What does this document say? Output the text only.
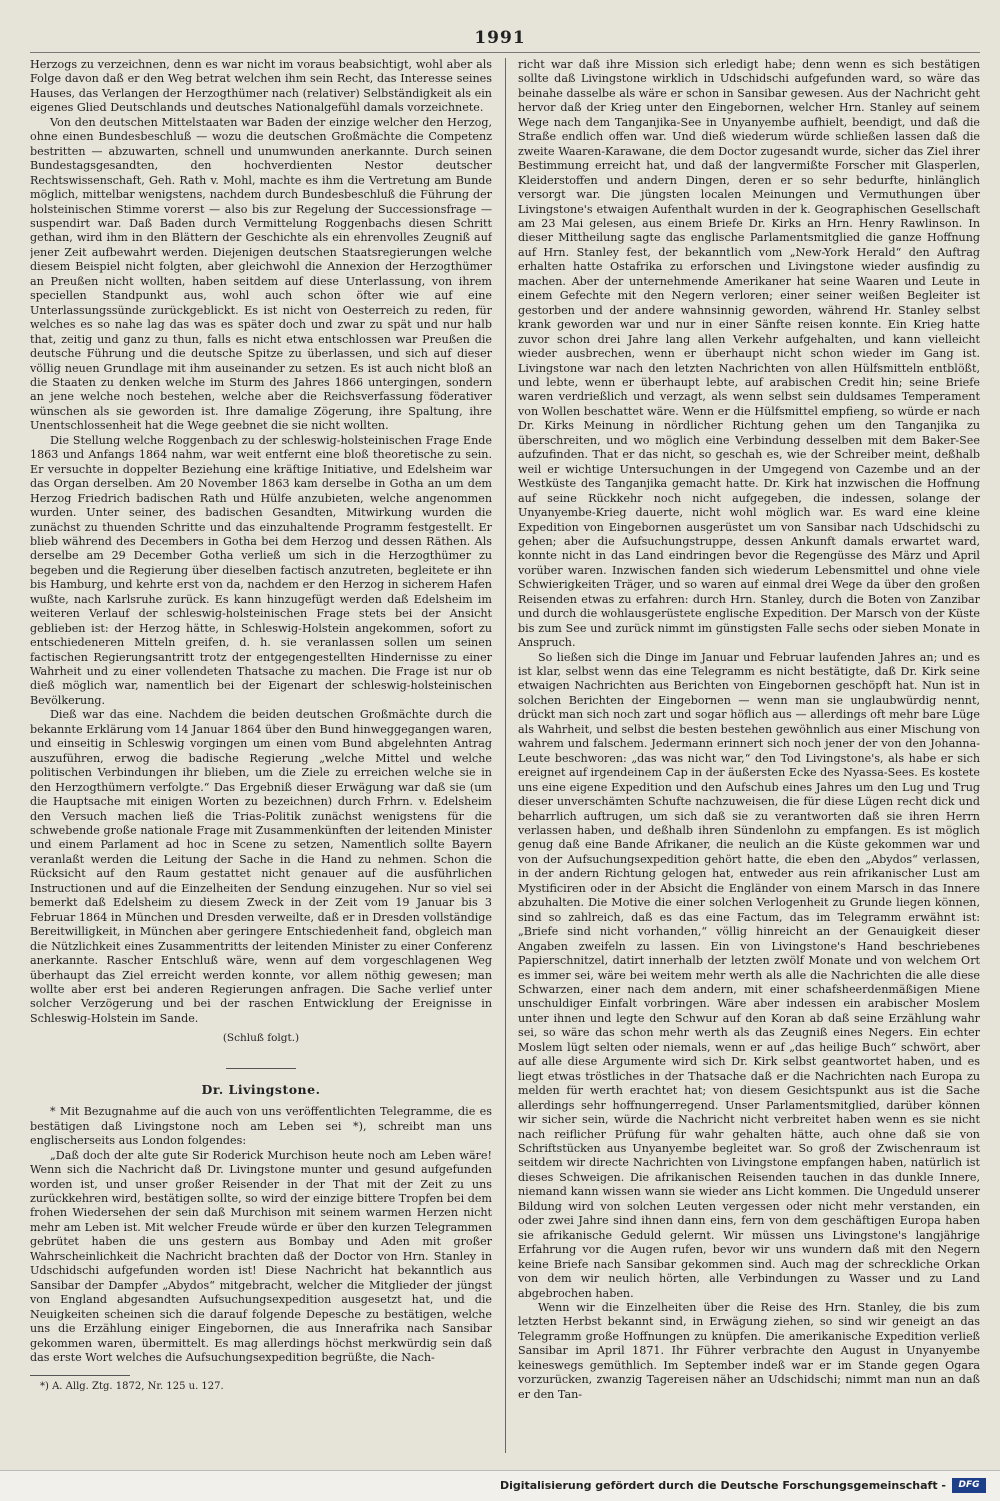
1991

Herzogs zu verzeichnen, denn es war nicht im voraus beabsichtigt, wohl aber als Folge davon daß er den Weg betrat welchen ihm sein Recht, das Interesse seines Hauses, das Verlangen der Herzogthümer nach (relativer) Selbständigkeit als ein eigenes Glied Deutschlands und deutsches Nationalgefühl damals vorzeichnete.

Von den deutschen Mittelstaaten war Baden der einzige welcher den Herzog, ohne einen Bundesbeschluß — wozu die deutschen Großmächte die Competenz bestritten — abzuwarten, schnell und unumwunden anerkannte. Durch seinen Bundestagsgesandten, den hochverdienten Nestor deutscher Rechtswissenschaft, Geh. Rath v. Mohl, machte es ihm die Vertretung am Bunde möglich, mittelbar wenigstens, nachdem durch Bundesbeschluß die Führung der holsteinischen Stimme vorerst — also bis zur Regelung der Successionsfrage — suspendirt war. Daß Baden durch Vermittelung Roggenbachs diesen Schritt gethan, wird ihm in den Blättern der Geschichte als ein ehrenvolles Zeugniß auf jener Zeit aufbewahrt werden. Diejenigen deutschen Staatsregierungen welche diesem Beispiel nicht folgten, aber gleichwohl die Annexion der Herzogthümer an Preußen nicht wollten, haben seitdem auf diese Unterlassung, von ihrem speciellen Standpunkt aus, wohl auch schon öfter wie auf eine Unterlassungssünde zurückgeblickt. Es ist nicht von Oesterreich zu reden, für welches es so nahe lag das was es später doch und zwar zu spät und nur halb that, zeitig und ganz zu thun, falls es nicht etwa entschlossen war Preußen die deutsche Führung und die deutsche Spitze zu überlassen, und sich auf dieser völlig neuen Grundlage mit ihm auseinander zu setzen. Es ist auch nicht bloß an die Staaten zu denken welche im Sturm des Jahres 1866 untergingen, sondern an jene welche noch bestehen, welche aber die Reichsverfassung föderativer wünschen als sie geworden ist. Ihre damalige Zögerung, ihre Spaltung, ihre Unentschlossenheit hat die Wege geebnet die sie nicht wollten.

Die Stellung welche Roggenbach zu der schleswig-holsteinischen Frage Ende 1863 und Anfangs 1864 nahm, war weit entfernt eine bloß theoretische zu sein. Er versuchte in doppelter Beziehung eine kräftige Initiative, und Edelsheim war das Organ derselben. Am 20 November 1863 kam derselbe in Gotha an um dem Herzog Friedrich badischen Rath und Hülfe anzubieten, welche angenommen wurden. Unter seiner, des badischen Gesandten, Mitwirkung wurden die zunächst zu thuenden Schritte und das einzuhaltende Programm festgestellt. Er blieb während des Decembers in Gotha bei dem Herzog und dessen Räthen. Als derselbe am 29 December Gotha verließ um sich in die Herzogthümer zu begeben und die Regierung über dieselben factisch anzutreten, begleitete er ihn bis Hamburg, und kehrte erst von da, nachdem er den Herzog in sicherem Hafen wußte, nach Karlsruhe zurück. Es kann hinzugefügt werden daß Edelsheim im weiteren Verlauf der schleswig-holsteinischen Frage stets bei der Ansicht geblieben ist: der Herzog hätte, in Schleswig-Holstein angekommen, sofort zu entschiedeneren Mitteln greifen, d. h. sie veranlassen sollen um seinen factischen Regierungsantritt trotz der entgegengestellten Hindernisse zu einer Wahrheit und zu einer vollendeten Thatsache zu machen. Die Frage ist nur ob dieß möglich war, namentlich bei der Eigenart der schleswig-holsteinischen Bevölkerung.

Dieß war das eine. Nachdem die beiden deutschen Großmächte durch die bekannte Erklärung vom 14 Januar 1864 über den Bund hinweggegangen waren, und einseitig in Schleswig vorgingen um einen vom Bund abgelehnten Antrag auszuführen, erwog die badische Regierung „welche Mittel und welche politischen Verbindungen ihr blieben, um die Ziele zu erreichen welche sie in den Herzogthümern verfolgte.“ Das Ergebniß dieser Erwägung war daß sie (um die Hauptsache mit einigen Worten zu bezeichnen) durch Frhrn. v. Edelsheim den Versuch machen ließ die Trias-Politik zunächst wenigstens für die schwebende große nationale Frage mit Zusammenkünften der leitenden Minister und einem Parlament ad hoc in Scene zu setzen, Namentlich sollte Bayern veranlaßt werden die Leitung der Sache in die Hand zu nehmen. Schon die Rücksicht auf den Raum gestattet nicht genauer auf die ausführlichen Instructionen und auf die Einzelheiten der Sendung einzugehen. Nur so viel sei bemerkt daß Edelsheim zu diesem Zweck in der Zeit vom 19 Januar bis 3 Februar 1864 in München und Dresden verweilte, daß er in Dresden vollständige Bereitwilligkeit, in München aber geringere Entschiedenheit fand, obgleich man die Nützlichkeit eines Zusammentritts der leitenden Minister zu einer Conferenz anerkannte. Rascher Entschluß wäre, wenn auf dem vorgeschlagenen Weg überhaupt das Ziel erreicht werden konnte, vor allem nöthig gewesen; man wollte aber erst bei anderen Regierungen anfragen. Die Sache verlief unter solcher Verzögerung und bei der raschen Entwicklung der Ereignisse in Schleswig-Holstein im Sande.

(Schluß folgt.)

Dr. Livingstone.

* Mit Bezugnahme auf die auch von uns veröffentlichten Telegramme, die es bestätigen daß Livingstone noch am Leben sei *), schreibt man uns englischerseits aus London folgendes:

„Daß doch der alte gute Sir Roderick Murchison heute noch am Leben wäre! Wenn sich die Nachricht daß Dr. Livingstone munter und gesund aufgefunden worden ist, und unser großer Reisender in der That mit der Zeit zu uns zurückkehren wird, bestätigen sollte, so wird der einzige bittere Tropfen bei dem frohen Wiedersehen der sein daß Murchison mit seinem warmen Herzen nicht mehr am Leben ist. Mit welcher Freude würde er über den kurzen Telegrammen gebrütet haben die uns gestern aus Bombay und Aden mit großer Wahrscheinlichkeit die Nachricht brachten daß der Doctor von Hrn. Stanley in Udschidschi aufgefunden worden ist! Diese Nachricht hat bekanntlich aus Sansibar der Dampfer „Abydos“ mitgebracht, welcher die Mitglieder der jüngst von England abgesandten Aufsuchungsexpedition ausgesetzt hat, und die Neuigkeiten scheinen sich die darauf folgende Depesche zu bestätigen, welche uns die Erzählung einiger Eingebornen, die aus Innerafrika nach Sansibar gekommen waren, übermittelt. Es mag allerdings höchst merkwürdig sein daß das erste Wort welches die Aufsuchungsexpedition begrüßte, die Nach-

*) A. Allg. Ztg. 1872, Nr. 125 u. 127.

richt war daß ihre Mission sich erledigt habe; denn wenn es sich bestätigen sollte daß Livingstone wirklich in Udschidschi aufgefunden ward, so wäre das beinahe dasselbe als wäre er schon in Sansibar gewesen. Aus der Nachricht geht hervor daß der Krieg unter den Eingebornen, welcher Hrn. Stanley auf seinem Wege nach dem Tanganjika-See in Unyanyembe aufhielt, beendigt, und daß die Straße endlich offen war. Und dieß wiederum würde schließen lassen daß die zweite Waaren-Karawane, die dem Doctor zugesandt wurde, sicher das Ziel ihrer Bestimmung erreicht hat, und daß der langvermißte Forscher mit Glasperlen, Kleiderstoffen und andern Dingen, deren er so sehr bedurfte, hinlänglich versorgt war. Die jüngsten localen Meinungen und Vermuthungen über Livingstone's etwaigen Aufenthalt wurden in der k. Geographischen Gesellschaft am 23 Mai gelesen, aus einem Briefe Dr. Kirks an Hrn. Henry Rawlinson. In dieser Mittheilung sagte das englische Parlamentsmitglied die ganze Hoffnung auf Hrn. Stanley fest, der bekanntlich vom „New-York Herald“ den Auftrag erhalten hatte Ostafrika zu erforschen und Livingstone wieder ausfindig zu machen. Aber der unternehmende Amerikaner hat seine Waaren und Leute in einem Gefechte mit den Negern verloren; einer seiner weißen Begleiter ist gestorben und der andere wahnsinnig geworden, während Hr. Stanley selbst krank geworden war und nur in einer Sänfte reisen konnte. Ein Krieg hatte zuvor schon drei Jahre lang allen Verkehr aufgehalten, und kann vielleicht wieder ausbrechen, wenn er überhaupt nicht schon wieder im Gang ist. Livingstone war nach den letzten Nachrichten von allen Hülfsmitteln entblößt, und lebte, wenn er überhaupt lebte, auf arabischen Credit hin; seine Briefe waren verdrießlich und verzagt, als wenn selbst sein duldsames Temperament von Wollen beschattet wäre. Wenn er die Hülfsmittel empfieng, so würde er nach Dr. Kirks Meinung in nördlicher Richtung gehen um den Tanganjika zu überschreiten, und wo möglich eine Verbindung desselben mit dem Baker-See aufzufinden. That er das nicht, so geschah es, wie der Schreiber meint, deßhalb weil er wichtige Untersuchungen in der Umgegend von Cazembe und an der Westküste des Tanganjika gemacht hatte. Dr. Kirk hat inzwischen die Hoffnung auf seine Rückkehr noch nicht aufgegeben, die indessen, solange der Unyanyembe-Krieg dauerte, nicht wohl möglich war. Es ward eine kleine Expedition von Eingebornen ausgerüstet um von Sansibar nach Udschidschi zu gehen; aber die Aufsuchungstruppe, dessen Ankunft damals erwartet ward, konnte nicht in das Land eindringen bevor die Regengüsse des März und April vorüber waren. Inzwischen fanden sich wiederum Lebensmittel und ohne viele Schwierigkeiten Träger, und so waren auf einmal drei Wege da über den großen Reisenden etwas zu erfahren: durch Hrn. Stanley, durch die Boten von Zanzibar und durch die wohlausgerüstete englische Expedition. Der Marsch von der Küste bis zum See und zurück nimmt im günstigsten Falle sechs oder sieben Monate in Anspruch.

So ließen sich die Dinge im Januar und Februar laufenden Jahres an; und es ist klar, selbst wenn das eine Telegramm es nicht bestätigte, daß Dr. Kirk seine etwaigen Nachrichten aus Berichten von Eingebornen geschöpft hat. Nun ist in solchen Berichten der Eingebornen — wenn man sie unglaubwürdig nennt, drückt man sich noch zart und sogar höflich aus — allerdings oft mehr bare Lüge als Wahrheit, und selbst die besten bestehen gewöhnlich aus einer Mischung von wahrem und falschem. Jedermann erinnert sich noch jener der von den Johanna-Leute beschworen: „das was nicht war,“ den Tod Livingstone's, als habe er sich ereignet auf irgendeinem Cap in der äußersten Ecke des Nyassa-Sees. Es kostete uns eine eigene Expedition und den Aufschub eines Jahres um den Lug und Trug dieser unverschämten Schufte nachzuweisen, die für diese Lügen recht dick und beharrlich auftrugen, um sich daß sie zu verantworten daß sie ihren Herrn verlassen haben, und deßhalb ihren Sündenlohn zu empfangen. Es ist möglich genug daß eine Bande Afrikaner, die neulich an die Küste gekommen war und von der Aufsuchungsexpedition gehört hatte, die eben den „Abydos“ verlassen, in der andern Richtung gelogen hat, entweder aus rein afrikanischer Lust am Mystificiren oder in der Absicht die Engländer von einem Marsch in das Innere abzuhalten. Die Motive die einer solchen Verlogenheit zu Grunde liegen können, sind so zahlreich, daß es das eine Factum, das im Telegramm erwähnt ist: „Briefe sind nicht vorhanden,“ völlig hinreicht an der Genauigkeit dieser Angaben zweifeln zu lassen. Ein von Livingstone's Hand beschriebenes Papierschnitzel, datirt innerhalb der letzten zwölf Monate und von welchem Ort es immer sei, wäre bei weitem mehr werth als alle die Nachrichten die alle diese Schwarzen, einer nach dem andern, mit einer schafsheerdenmäßigen Miene unschuldiger Einfalt vorbringen. Wäre aber indessen ein arabischer Moslem unter ihnen und legte den Schwur auf den Koran ab daß seine Erzählung wahr sei, so wäre das schon mehr werth als das Zeugniß eines Negers. Ein echter Moslem lügt selten oder niemals, wenn er auf „das heilige Buch“ schwört, aber auf alle diese Argumente wird sich Dr. Kirk selbst geantwortet haben, und es liegt etwas tröstliches in der Thatsache daß er die Nachrichten nach Europa zu melden für werth erachtet hat; von diesem Gesichtspunkt aus ist die Sache allerdings sehr hoffnungerregend. Unser Parlamentsmitglied, darüber können wir sicher sein, würde die Nachricht nicht verbreitet haben wenn es sie nicht nach reiflicher Prüfung für wahr gehalten hätte, auch ohne daß sie von Schriftstücken aus Unyanyembe begleitet war. So groß der Zwischenraum ist seitdem wir directe Nachrichten von Livingstone empfangen haben, natürlich ist dieses Schweigen. Die afrikanischen Reisenden tauchen in das dunkle Innere, niemand kann wissen wann sie wieder ans Licht kommen. Die Ungeduld unserer Bildung wird von solchen Leuten vergessen oder nicht mehr verstanden, ein oder zwei Jahre sind ihnen dann eins, fern von dem geschäftigen Europa haben sie afrikanische Geduld gelernt. Wir müssen uns Livingstone's langjährige Erfahrung vor die Augen rufen, bevor wir uns wundern daß mit den Negern keine Briefe nach Sansibar gekommen sind. Auch mag der schreckliche Orkan von dem wir neulich hörten, alle Verbindungen zu Wasser und zu Land abgebrochen haben.

Wenn wir die Einzelheiten über die Reise des Hrn. Stanley, die bis zum letzten Herbst bekannt sind, in Erwägung ziehen, so sind wir geneigt an das Telegramm große Hoffnungen zu knüpfen. Die amerikanische Expedition verließ Sansibar im April 1871. Ihr Führer verbrachte den August in Unyanyembe keineswegs gemüthlich. Im September indeß war er im Stande gegen Ogara vorzurücken, zwanzig Tagereisen näher an Udschidschi; nimmt man nun an daß er den Tan-

Digitalisierung gefördert durch die Deutsche Forschungsgemeinschaft -	DFG
